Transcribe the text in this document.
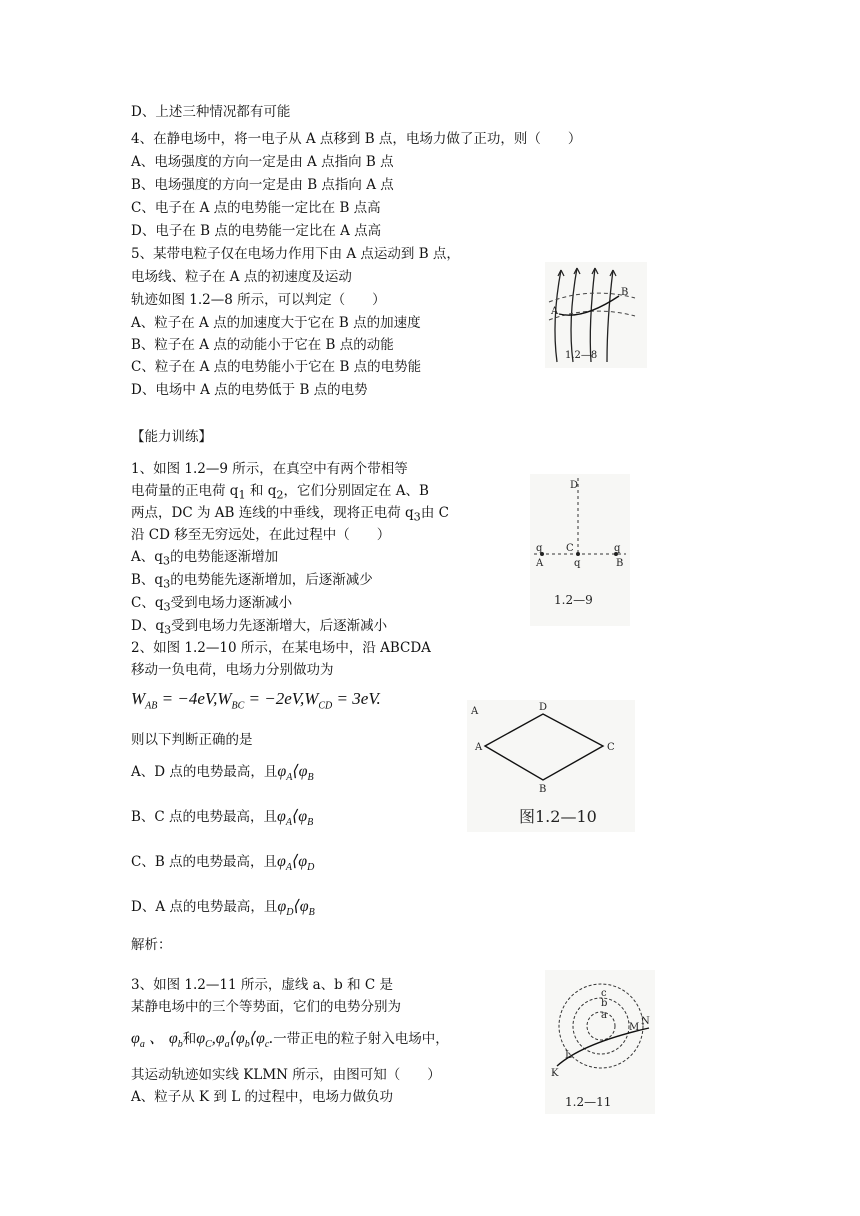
D、上述三种情况都有可能
4、在静电场中，将一电子从 A 点移到 B 点，电场力做了正功，则（　　）
A、电场强度的方向一定是由 A 点指向 B 点
B、电场强度的方向一定是由 B 点指向 A 点
C、电子在 A 点的电势能一定比在 B 点高
D、电子在 B 点的电势能一定比在 A 点高
5、某带电粒子仅在电场力作用下由 A 点运动到 B 点，
电场线、粒子在 A 点的初速度及运动
轨迹如图 1.2—8 所示，可以判定（　　）
A、粒子在 A 点的加速度大于它在 B 点的加速度
B、粒子在 A 点的动能小于它在 B 点的动能
C、粒子在 A 点的电势能小于它在 B 点的电势能
D、电场中 A 点的电势低于 B 点的电势
【能力训练】
1、如图 1.2—9 所示，在真空中有两个带相等
电荷量的正电荷 $q_1$ 和 $q_2$，它们分别固定在 A、B
两点，DC 为 AB 连线的中垂线，现将正电荷 $q_3$由 C
沿 CD 移至无穷远处，在此过程中（　　）
A、$q_3$的电势能逐渐增加
B、$q_3$的电势能先逐渐增加，后逐渐减少
C、$q_3$受到电场力逐渐减小
D、$q_3$受到电场力先逐渐增大，后逐渐减小
2、如图 1.2—10 所示，在某电场中，沿 ABCDA
移动一负电荷，电场力分别做功为
$W_{AB} = -4eV,W_{BC} = -2eV,W_{CD} = 3eV$.
则以下判断正确的是
A、D 点的电势最高，且$\varphi_A⟨\varphi_B$
B、C 点的电势最高，且$\varphi_A⟨\varphi_B$
C、B 点的电势最高，且$\varphi_A⟨\varphi_D$
D、A 点的电势最高，且$\varphi_D⟨\varphi_B$
解析：
3、如图 1.2—11 所示，虚线 a、b 和 C 是
某静电场中的三个等势面，它们的电势分别为
$\varphi_a$ 、 $\varphi_b$和$\varphi_C,\varphi_a⟨\varphi_b⟨\varphi_c$.一带正电的粒子射入电场中，
其运动轨迹如实线 KLMN 所示，由图可知（　　）
A、粒子从 K 到 L 的过程中，电场力做负功
A
B
1.2—8
D
C
q	q
q
A	B
1.2—9
A
A
D
C
B
图1.2—10
c
b
a
L
M
N
K
1.2—11
